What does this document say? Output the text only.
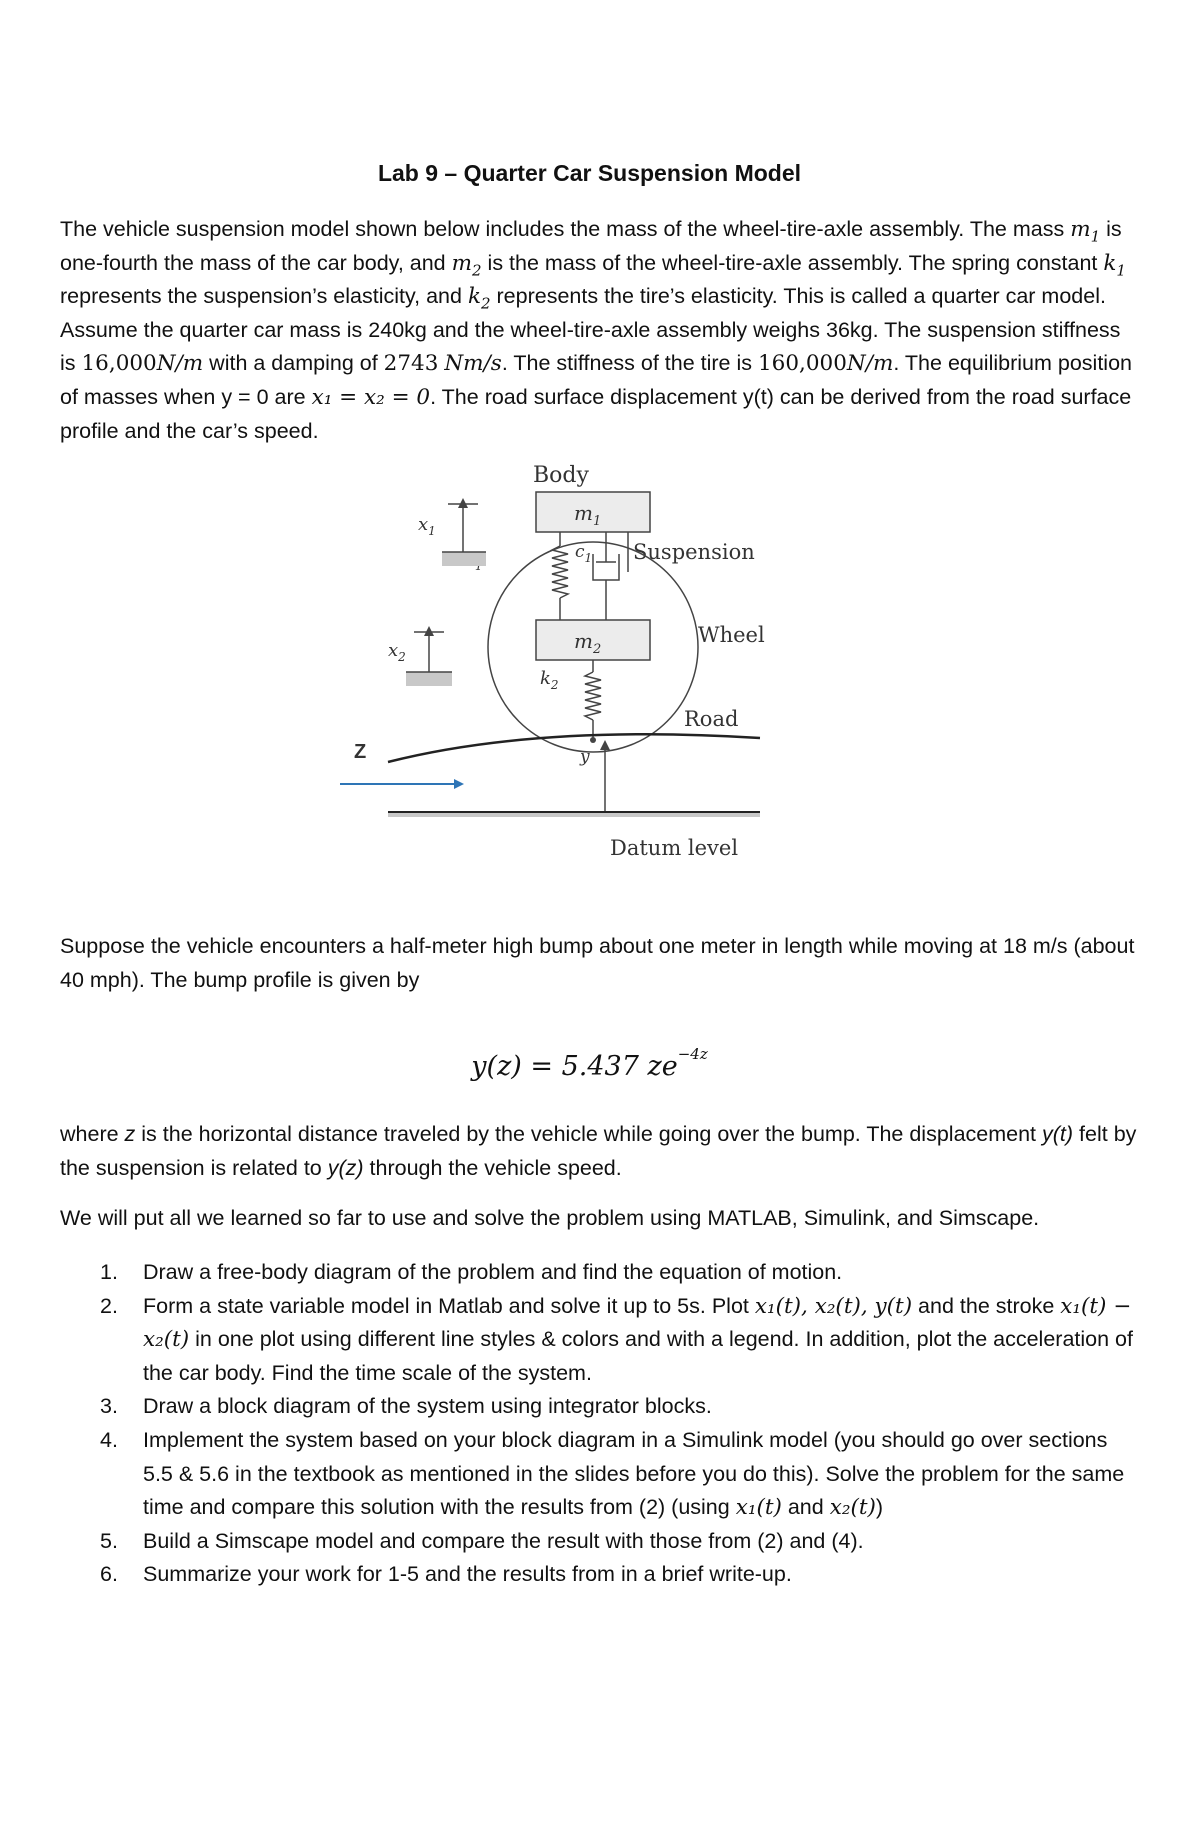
Lab 9 – Quarter Car Suspension Model

The vehicle suspension model shown below includes the mass of the wheel-tire-axle assembly. The mass $m_1$ is one-fourth the mass of the car body, and $m_2$ is the mass of the wheel-tire-axle assembly. The spring constant $k_1$ represents the suspension’s elasticity, and $k_2$ represents the tire’s elasticity. This is called a quarter car model. Assume the quarter car mass is 240kg and the wheel-tire-axle assembly weighs 36kg. The suspension stiffness is 16,000N/m with a damping of 2743 Nm/s. The stiffness of the tire is 160,000N/m. The equilibrium position of masses when y = 0 are x₁ = x₂ = 0. The road surface displacement y(t) can be derived from the road surface profile and the car’s speed.

Body
$m_1$
Suspension
$c_1$
$m_2$
Wheel
$x_1$
$x_2$
$k_2$
Road
y
Z
Datum level

Suppose the vehicle encounters a half-meter high bump about one meter in length while moving at 18 m/s (about 40 mph). The bump profile is given by

y(z) = 5.437 $ze^{-4z}$

where z is the horizontal distance traveled by the vehicle while going over the bump. The displacement y(t) felt by the suspension is related to y(z) through the vehicle speed.

We will put all we learned so far to use and solve the problem using MATLAB, Simulink, and Simscape.

1. Draw a free-body diagram of the problem and find the equation of motion.
2. Form a state variable model in Matlab and solve it up to 5s. Plot x₁(t), x₂(t), y(t) and the stroke x₁(t) − x₂(t) in one plot using different line styles & colors and with a legend. In addition, plot the acceleration of the car body. Find the time scale of the system.
3. Draw a block diagram of the system using integrator blocks.
4. Implement the system based on your block diagram in a Simulink model (you should go over sections 5.5 & 5.6 in the textbook as mentioned in the slides before you do this). Solve the problem for the same time and compare this solution with the results from (2) (using x₁(t) and x₂(t))
5. Build a Simscape model and compare the result with those from (2) and (4).
6. Summarize your work for 1-5 and the results from in a brief write-up.
